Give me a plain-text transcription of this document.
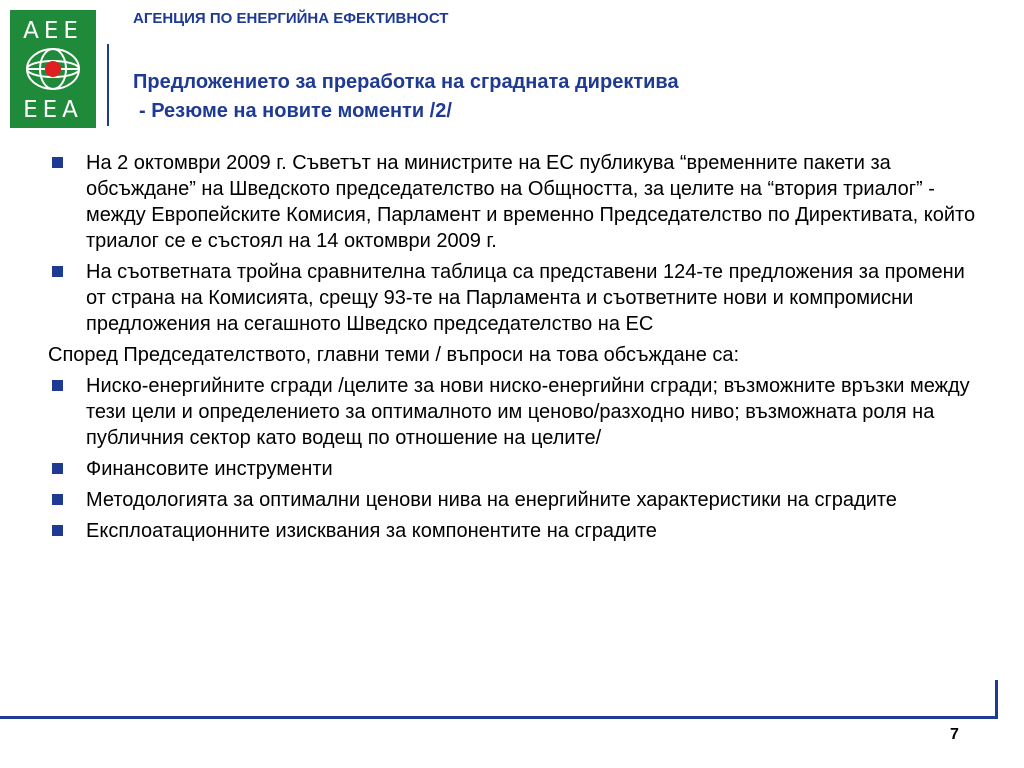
AEE
EEA
АГЕНЦИЯ ПО ЕНЕРГИЙНА ЕФЕКТИВНОСТ
Предложението за преработка на сградната директива
- Резюме на новите моменти /2/
На 2 октомври 2009 г. Съветът на министрите на ЕС публикува “временните пакети за обсъждане” на Шведското председателство на Общността, за целите на “втория триалог” - между Европейските Комисия, Парламент и временно Председателство по Директивата, който триалог се е състоял на 14 октомври 2009 г.
На съответната тройна сравнителна таблица са представени 124-те предложения за промени от страна на Комисията, срещу 93-те на Парламента и съответните нови и компромисни предложения на сегашното Шведско председателство на ЕС
Според Председателството, главни теми / въпроси на това обсъждане са:
Ниско-енергийните сгради /целите за нови ниско-енергийни сгради; възможните връзки между тези цели и определението за оптималното им ценово/разходно ниво; възможната роля на публичния сектор като водещ по отношение на целите/
Финансовите инструменти
Методологията за оптимални ценови нива на енергийните характеристики на сградите
Експлоатационните изисквания за компонентите на сградите
7
